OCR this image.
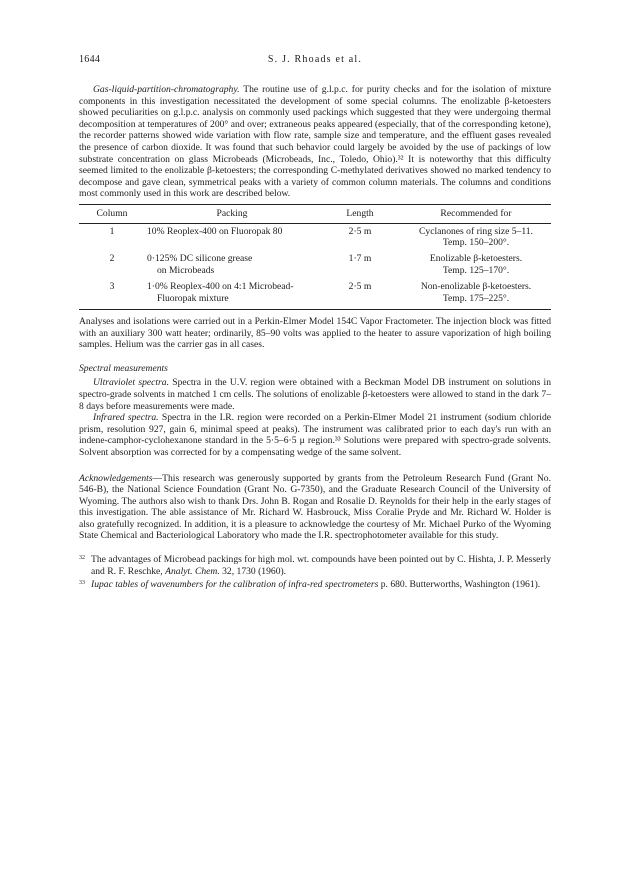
1644	S. J. Rhoads et al.

Gas-liquid-partition-chromatography. The routine use of g.l.p.c. for purity checks and for the isolation of mixture components in this investigation necessitated the development of some special columns. The enolizable β-ketoesters showed peculiarities on g.l.p.c. analysis on commonly used packings which suggested that they were undergoing thermal decomposition at temperatures of 200° and over; extraneous peaks appeared (especially, that of the corresponding ketone), the recorder patterns showed wide variation with flow rate, sample size and temperature, and the effluent gases revealed the presence of carbon dioxide. It was found that such behavior could largely be avoided by the use of packings of low substrate concentration on glass Microbeads (Microbeads, Inc., Toledo, Ohio).³² It is noteworthy that this difficulty seemed limited to the enolizable β-ketoesters; the corresponding C-methylated derivatives showed no marked tendency to decompose and gave clean, symmetrical peaks with a variety of common column materials. The columns and conditions most commonly used in this work are described below.

Column	Packing	Length	Recommended for
1	10% Reoplex-400 on Fluoropak 80	2·5 m	Cyclanones of ring size 5–11.
Temp. 150–200°.

2	0·125% DC silicone grease
on Microbeads	1·7 m	Enolizable β-ketoesters.
Temp. 125–170°.

3	1·0% Reoplex-400 on 4:1 Microbead-
Fluoropak mixture	2·5 m	Non-enolizable β-ketoesters.
Temp. 175–225°.

Analyses and isolations were carried out in a Perkin-Elmer Model 154C Vapor Fractometer. The injection block was fitted with an auxiliary 300 watt heater; ordinarily, 85–90 volts was applied to the heater to assure vaporization of high boiling samples. Helium was the carrier gas in all cases.

Spectral measurements

Ultraviolet spectra. Spectra in the U.V. region were obtained with a Beckman Model DB instrument on solutions in spectro-grade solvents in matched 1 cm cells. The solutions of enolizable β-ketoesters were allowed to stand in the dark 7–8 days before measurements were made.

Infrared spectra. Spectra in the I.R. region were recorded on a Perkin-Elmer Model 21 instrument (sodium chloride prism, resolution 927, gain 6, minimal speed at peaks). The instrument was calibrated prior to each day's run with an indene-camphor-cyclohexanone standard in the 5·5–6·5 μ region.³³ Solutions were prepared with spectro-grade solvents. Solvent absorption was corrected for by a compensating wedge of the same solvent.

Acknowledgements—This research was generously supported by grants from the Petroleum Research Fund (Grant No. 546-B), the National Science Foundation (Grant No. G-7350), and the Graduate Research Council of the University of Wyoming. The authors also wish to thank Drs. John B. Rogan and Rosalie D. Reynolds for their help in the early stages of this investigation. The able assistance of Mr. Richard W. Hasbrouck, Miss Coralie Pryde and Mr. Richard W. Holder is also gratefully recognized. In addition, it is a pleasure to acknowledge the courtesy of Mr. Michael Purko of the Wyoming State Chemical and Bacteriological Laboratory who made the I.R. spectrophotometer available for this study.

32 The advantages of Microbead packings for high mol. wt. compounds have been pointed out by C. Hishta, J. P. Messerly and R. F. Reschke, Analyt. Chem. 32, 1730 (1960).
33 Iupac tables of wavenumbers for the calibration of infra-red spectrometers p. 680. Butterworths, Washington (1961).
